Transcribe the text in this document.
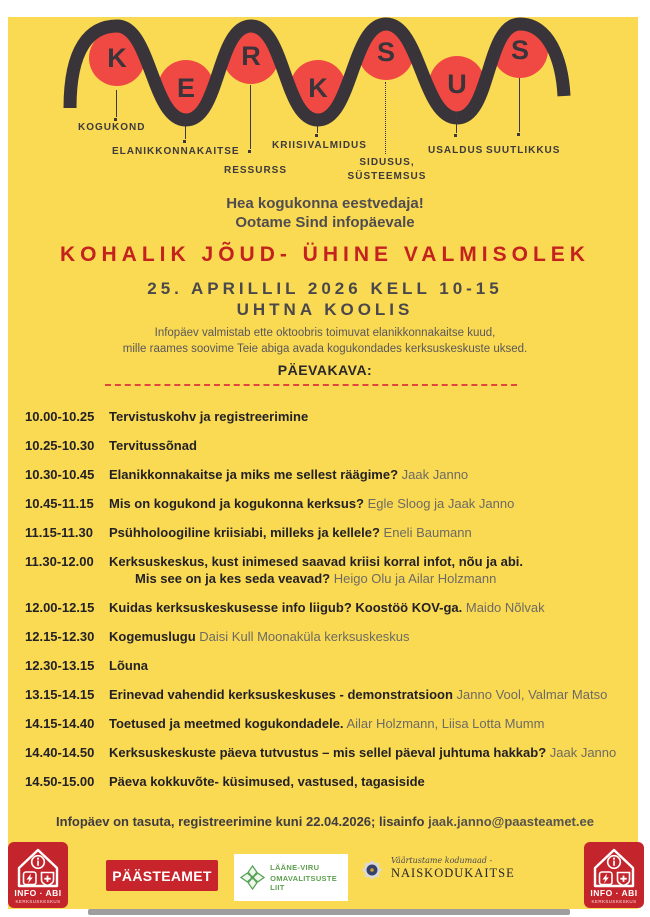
K
E
R
K
S
U
S
KOGUKOND
ELANIKKONNAKAITSE
RESSURSS
KRIISIVALMIDUS
SIDUSUS,
SÜSTEEMSUS
USALDUS SUUTLIKKUS
Hea kogukonna eestvedaja!
Ootame Sind infopäevale
KOHALIK JÕUD- ÜHINE VALMISOLEK
25. APRILLIL 2026 KELL 10-15
UHTNA KOOLIS
Infopäev valmistab ette oktoobris toimuvat elanikkonnakaitse kuud,
mille raames soovime Teie abiga avada kogukondades kerksuskeskuste uksed.
PÄEVAKAVA:
10.00-10.25	Tervistuskohv ja registreerimine
10.25-10.30	Tervitussõnad
10.30-10.45	Elanikkonnakaitse ja miks me sellest räägime? Jaak Janno
10.45-11.15	Mis on kogukond ja kogukonna kerksus? Egle Sloog ja Jaak Janno
11.15-11.30	Psühholoogiline kriisiabi, milleks ja kellele? Eneli Baumann
11.30-12.00	Kerksuskeskus, kust inimesed saavad kriisi korral infot, nõu ja abi.
Mis see on ja kes seda veavad? Heigo Olu ja Ailar Holzmann
12.00-12.15	Kuidas kerksuskeskusesse info liigub? Koostöö KOV-ga. Maido Nõlvak
12.15-12.30	Kogemuslugu Daisi Kull Moonaküla kerksuskeskus
12.30-13.15	Lõuna
13.15-14.15	Erinevad vahendid kerksuskeskuses - demonstratsioon Janno Vool, Valmar Matso
14.15-14.40	Toetused ja meetmed kogukondadele. Ailar Holzmann, Liisa Lotta Mumm
14.40-14.50	Kerksuskeskuste päeva tutvustus – mis sellel päeval juhtuma hakkab? Jaak Janno
14.50-15.00	Päeva kokkuvõte- küsimused, vastused, tagasiside
Infopäev on tasuta, registreerimine kuni 22.04.2026; lisainfo jaak.janno@paasteamet.ee
INFO · ABI
KERKSUSKESKUS
PÄÄSTEAMET	LÄÄNE-VIRU
OMAVALITSUSTE LIIT
Väärtustame kodumaad -
NAISKODUKAITSE
INFO · ABI
KERKSUSKESKUS
